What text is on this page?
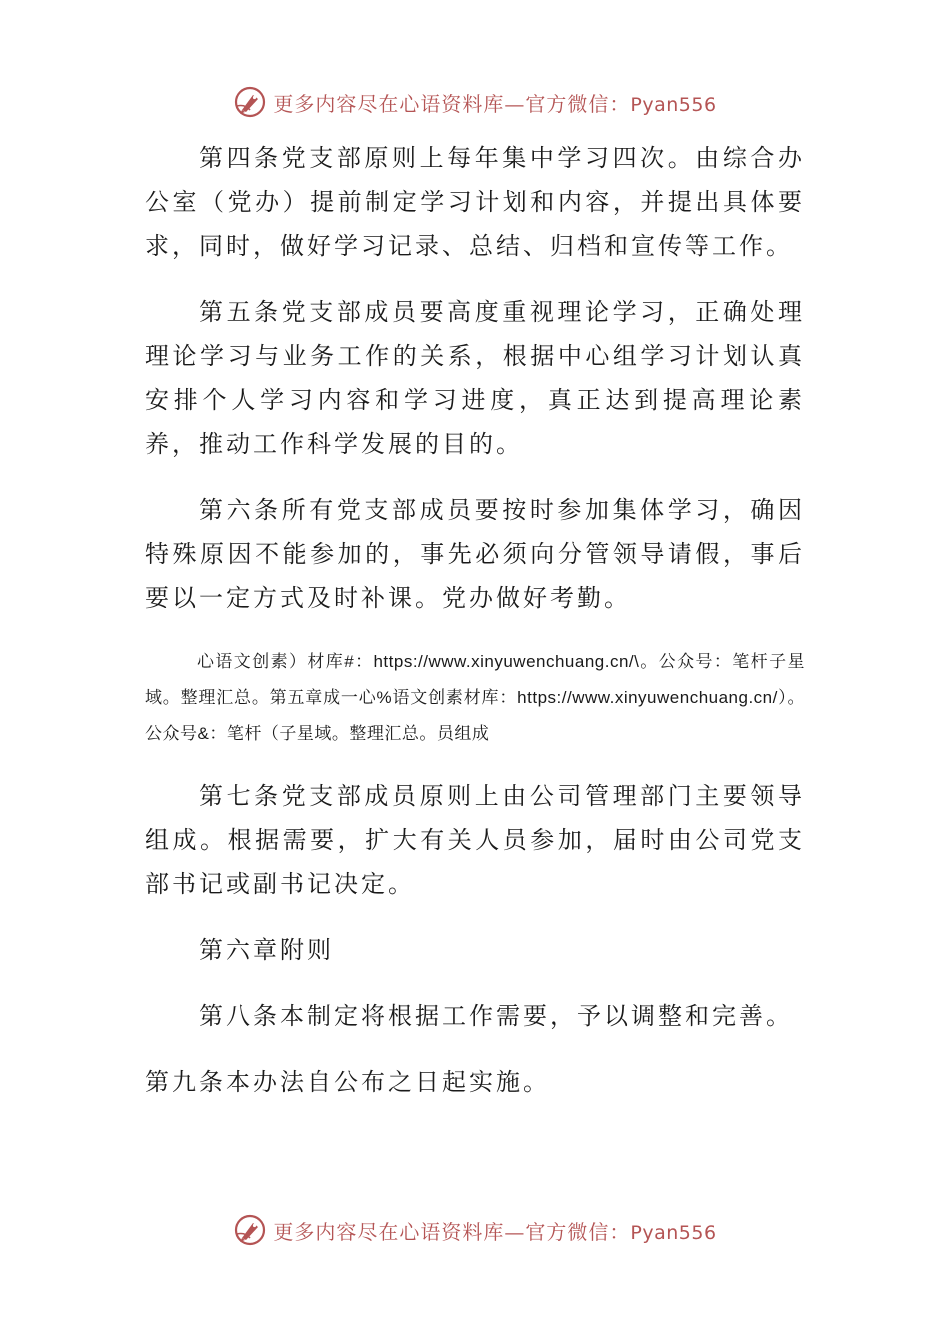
更多内容尽在心语资料库—官方微信：Pyan556

第四条党支部原则上每年集中学习四次。由综合办公室（党办）提前制定学习计划和内容，并提出具体要求，同时，做好学习记录、总结、归档和宣传等工作。

第五条党支部成员要高度重视理论学习，正确处理理论学习与业务工作的关系，根据中心组学习计划认真安排个人学习内容和学习进度，真正达到提高理论素养，推动工作科学发展的目的。

第六条所有党支部成员要按时参加集体学习，确因特殊原因不能参加的，事先必须向分管领导请假，事后要以一定方式及时补课。党办做好考勤。

心语文创素）材库#：https://www.xinyuwenchuang.cn/\。公众号：笔杆子星域。整理汇总。第五章成一心%语文创素材库：https://www.xinyuwenchuang.cn/）。公众号&：笔杆（子星域。整理汇总。员组成

第七条党支部成员原则上由公司管理部门主要领导组成。根据需要，扩大有关人员参加，届时由公司党支部书记或副书记决定。

第六章附则

第八条本制定将根据工作需要，予以调整和完善。

第九条本办法自公布之日起实施。

更多内容尽在心语资料库—官方微信：Pyan556
